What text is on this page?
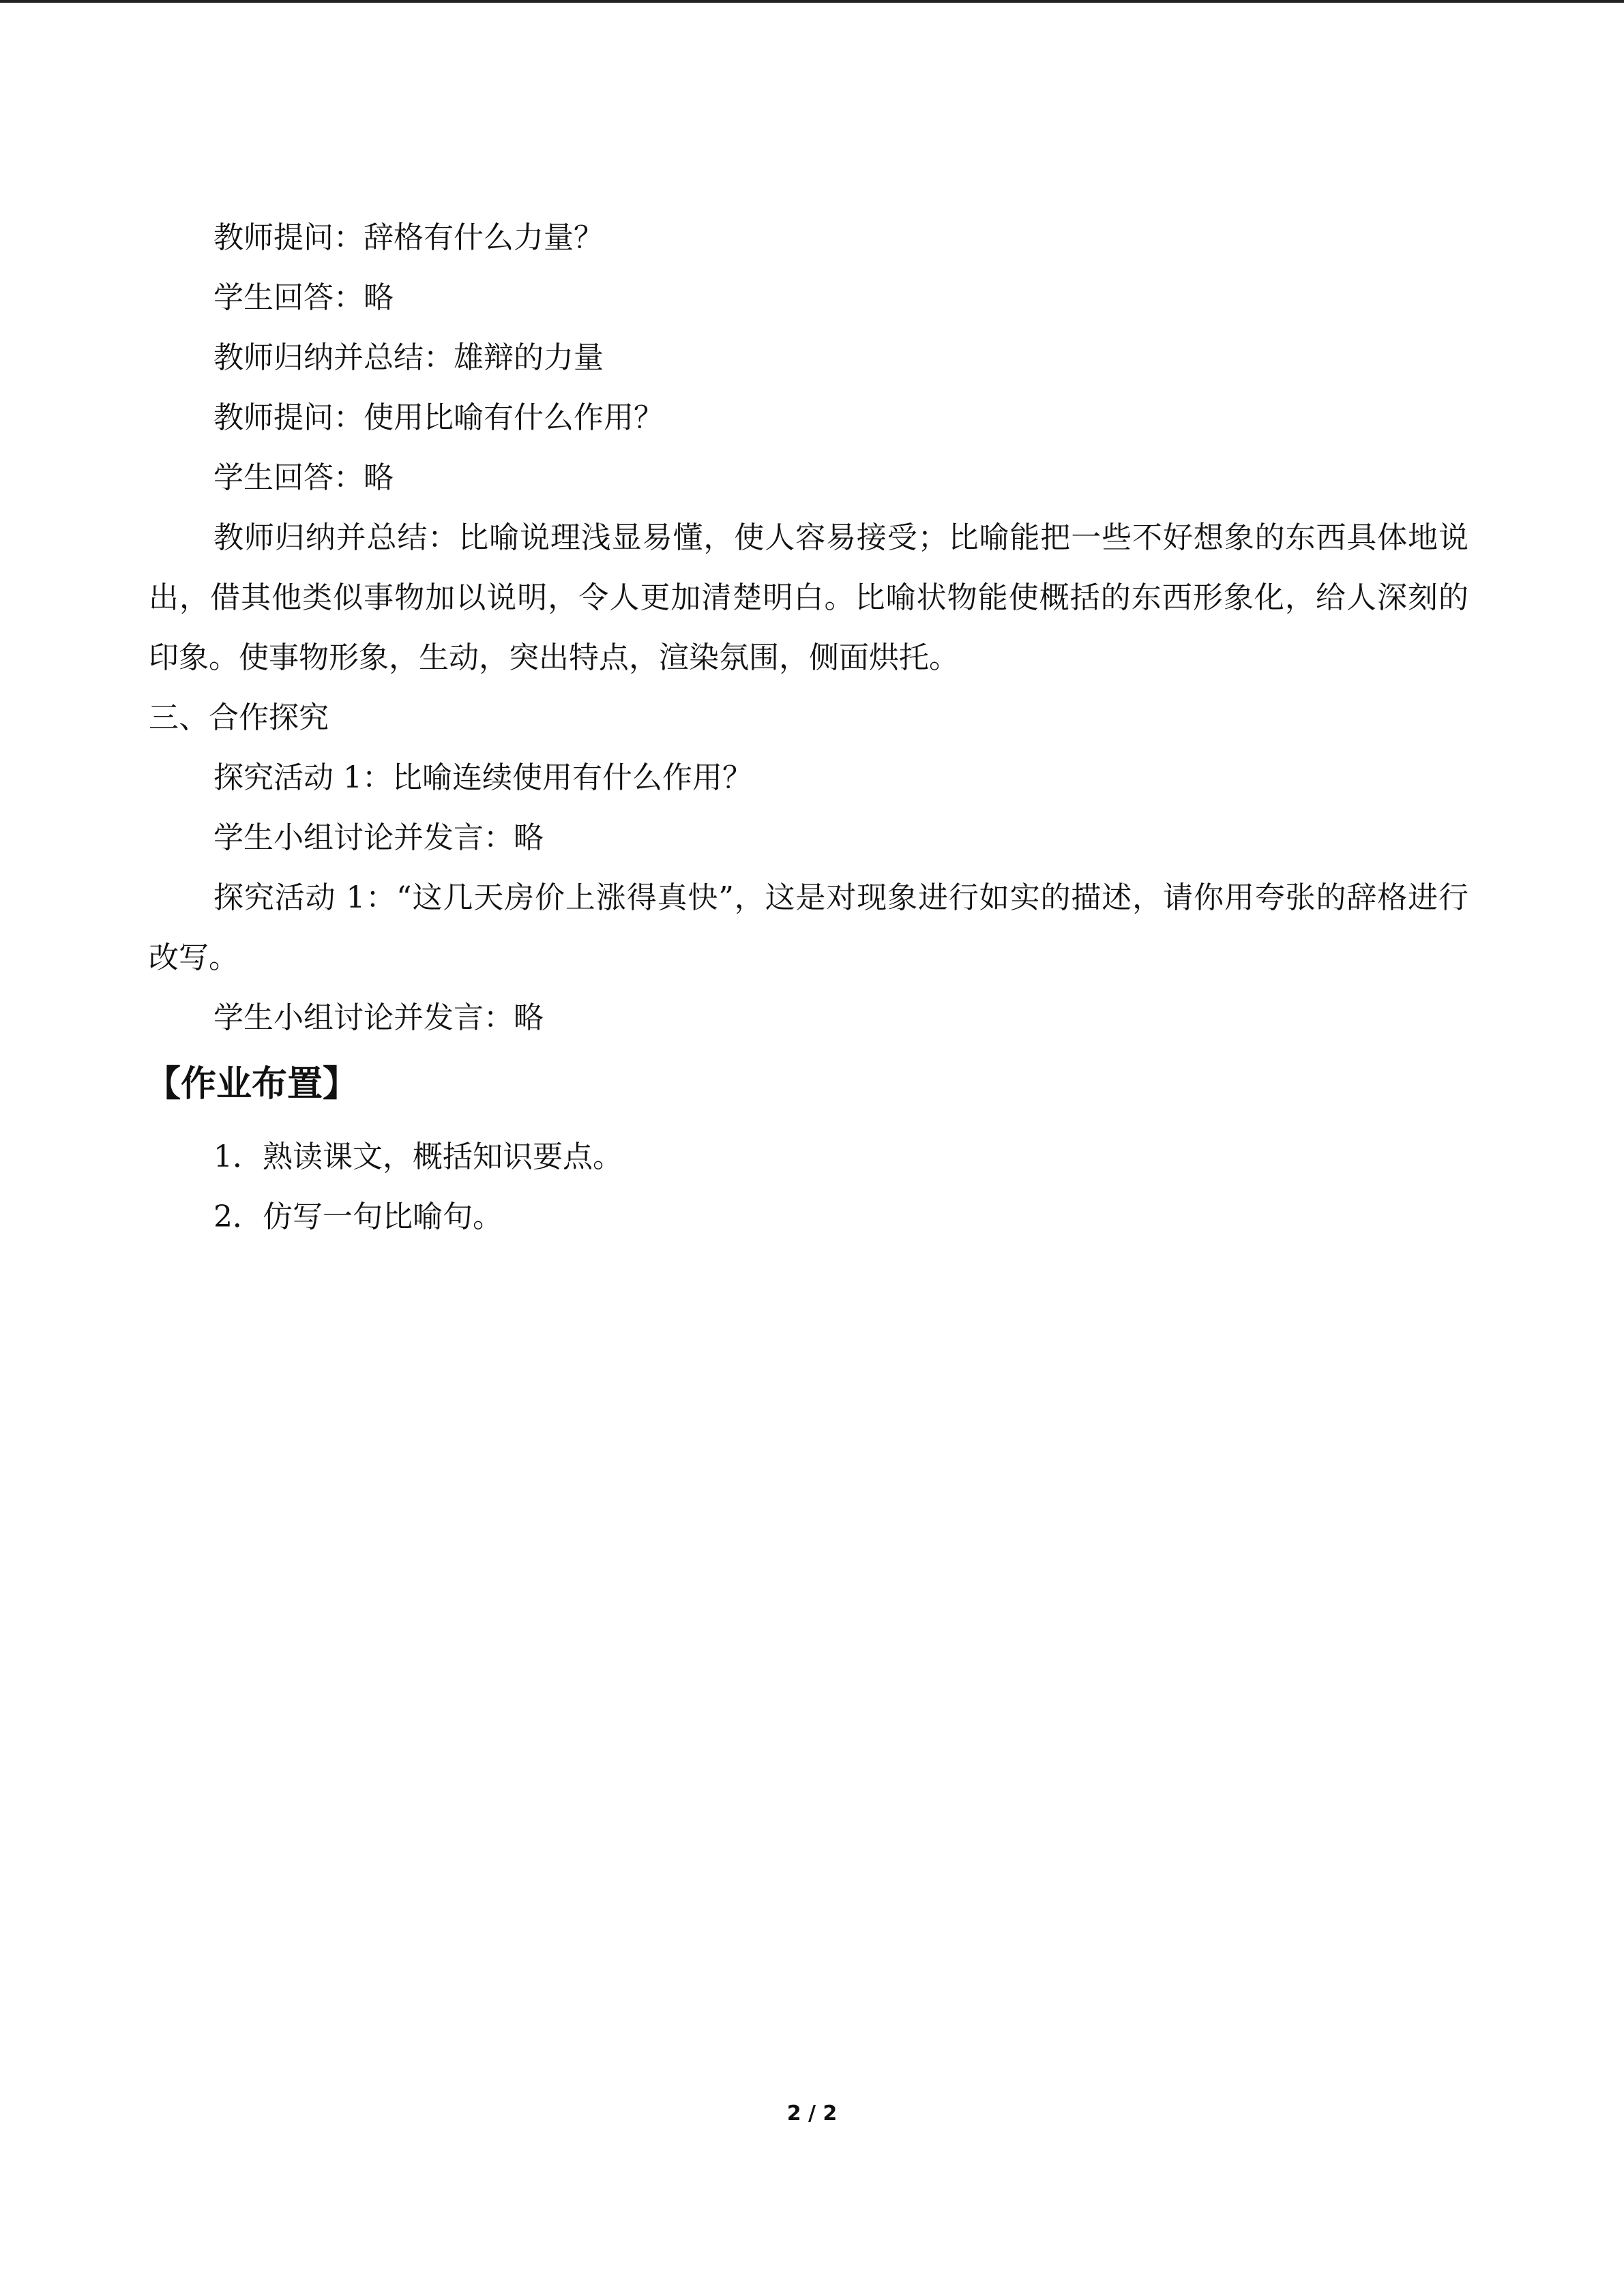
教师提问：辞格有什么力量？
学生回答：略
教师归纳并总结：雄辩的力量
教师提问：使用比喻有什么作用？
学生回答：略
教师归纳并总结：比喻说理浅显易懂，使人容易接受；比喻能把一些不好想象的东西具体地说出，借其他类似事物加以说明，令人更加清楚明白。比喻状物能使概括的东西形象化，给人深刻的印象。使事物形象，生动，突出特点，渲染氛围，侧面烘托。
三、合作探究
探究活动 1：比喻连续使用有什么作用？
学生小组讨论并发言：略
探究活动 1：“这几天房价上涨得真快”，这是对现象进行如实的描述，请你用夸张的辞格进行改写。
学生小组讨论并发言：略
【作业布置】
1．熟读课文，概括知识要点。
2．仿写一句比喻句。
2 / 2
